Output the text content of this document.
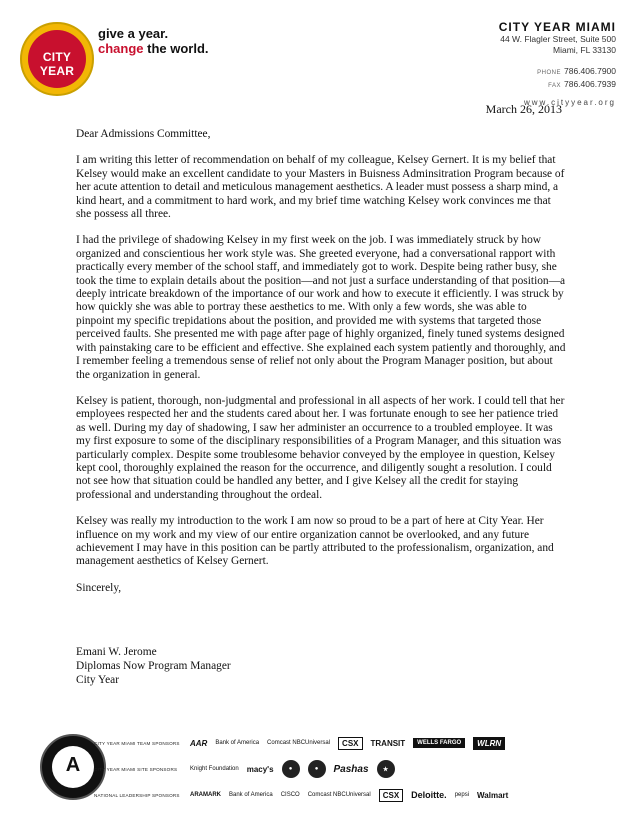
CITY YEAR
give a year.
change the world.
CITY YEAR MIAMI
44 W. Flagler Street, Suite 500
Miami, FL 33130
PHONE 786.406.7900
FAX 786.406.7939
www.cityyear.org
March 26, 2013

Dear Admissions Committee,

I am writing this letter of recommendation on behalf of my colleague, Kelsey Gernert. It is my belief that Kelsey would make an excellent candidate to your Masters in Buisness Adminsitration Program because of her acute attention to detail and meticulous management aesthetics. A leader must possess a sharp mind, a kind heart, and a commitment to hard work, and my brief time watching Kelsey work convinces me that she possess all three.

I had the privilege of shadowing Kelsey in my first week on the job. I was immediately struck by how organized and conscientious her work style was. She greeted everyone, had a conversational rapport with practically every member of the school staff, and immediately got to work. Despite being rather busy, she took the time to explain details about the position—and not just a surface understanding of that position—a deeply intricate breakdown of the importance of our work and how to execute it efficiently. I was struck by how quickly she was able to portray these aesthetics to me. With only a few words, she was able to pinpoint my specific trepidations about the position, and provided me with systems that targeted those perceived faults. She presented me with page after page of highly organized, finely tuned systems designed with painstaking care to be efficient and effective. She explained each system patiently and thoroughly, and I remember feeling a tremendous sense of relief not only about the Program Manager position, but about the organization in general.

Kelsey is patient, thorough, non-judgmental and professional in all aspects of her work. I could tell that her employees respected her and the students cared about her. I was fortunate enough to see her patience tried as well. During my day of shadowing, I saw her administer an occurrence to a troubled employee. It was my first exposure to some of the disciplinary responsibilities of a Program Manager, and this situation was particularly complex. Despite some troublesome behavior conveyed by the employee in question, Kelsey kept cool, thoroughly explained the reason for the occurrence, and diligently sought a resolution. I could not see how that situation could be handled any better, and I give Kelsey all the credit for staying professional and understanding throughout the ordeal.

Kelsey was really my introduction to the work I am now so proud to be a part of here at City Year. Her influence on my work and my view of our entire organization cannot be overlooked, and any future achievement I may have in this position can be partly attributed to the professionalism, organization, and management aesthetics of Kelsey Gernert.

Sincerely,

Emani W. Jerome
Diplomas Now Program Manager
City Year
A
CITY YEAR MIAMI TEAM SPONSORS	AAR Bank of America Comcast NBCUniversal	CSX	TRANSIT	WELLS FARGO	WLRN
CITY YEAR MIAMI SITE SPONSORS	Knight Foundation macy's	●	●	Pashas	★
NATIONAL LEADERSHIP SPONSORS	ARAMARK Bank of America CISCO Comcast NBCUniversal	CSX	Deloitte. pepsi Walmart
